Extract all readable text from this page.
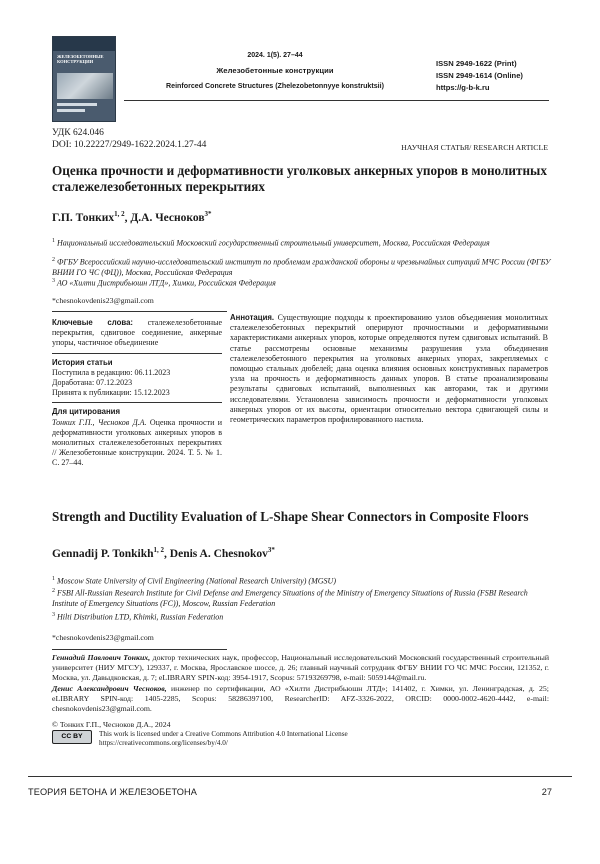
ЖЕЛЕЗОБЕТОННЫЕ КОНСТРУКЦИИ
2024. 1(5). 27–44
Железобетонные конструкции
Reinforced Concrete Structures (Zhelezobetonnyye konstruktsii)
ISSN 2949-1622 (Print)
ISSN 2949-1614 (Online)
https://g-b-k.ru
УДК 624.046
DOI: 10.22227/2949-1622.2024.1.27-44	НАУЧНАЯ СТАТЬЯ/ RESEARCH ARTICLE
Оценка прочности и деформативности уголковых анкерных упоров в монолитных сталежелезобетонных перекрытиях
Г.П. Тонких$^{1, 2}$, Д.А. Чесноков$^{3*}$
$^1$ Национальный исследовательский Московский государственный строительный университет, Москва, Российская Федерация
$^2$ ФГБУ Всероссийский научно-исследовательский институт по проблемам гражданской обороны и чрезвычайных ситуаций МЧС России (ФГБУ ВНИИ ГО ЧС (ФЦ)), Москва, Российская Федерация
$^3$ АО «Хилти Дистрибьюшн ЛТД», Химки, Российская Федерация
*chesnokovdenis23@gmail.com

Ключевые слова: сталежелезобетонные перекрытия, сдвиговое соединение, анкерные упоры, частичное объединение

История статьи
Поступила в редакцию: 06.11.2023
Доработана: 07.12.2023
Принята к публикации: 15.12.2023
Для цитирования

Тонких Г.П., Чесноков Д.А. Оценка прочности и деформативности уголковых анкерных упоров в монолитных сталежелезобетонных перекрытиях // Железобетонные конструкции. 2024. Т. 5. № 1. С. 27–44.

Аннотация. Существующие подходы к проектированию узлов объединения монолитных сталежелезобетонных перекрытий оперируют прочностными и деформативными характеристиками анкерных упоров, которые определяются путем сдвиговых испытаний. В статье рассмотрены основные механизмы разрушения узла объединения сталежелезобетонного перекрытия на уголковых анкерных упорах, закрепляемых с помощью стальных дюбелей; дана оценка влияния основных конструктивных параметров узла на прочность и деформативность данных упоров. В статье проанализированы результаты сдвиговых испытаний, выполненных как авторами, так и другими исследователями. Установлена зависимость прочности и деформативности уголковых анкерных упоров от их высоты, ориентации относительно вектора сдвигающей силы и геометрических параметров профилированного настила.
Strength and Ductility Evaluation of L-Shape Shear Connectors in Composite Floors
Gennadij P. Tonkikh$^{1, 2}$, Denis A. Chesnokov$^{3*}$
$^1$ Moscow State University of Civil Engineering (National Research University) (MGSU)
$^2$ FSBI All-Russian Research Institute for Civil Defense and Emergency Situations of the Ministry of Emergency Situations of Russia (FSBI Research Institute of Emergency Situations (FC)), Moscow, Russian Federation
$^3$ Hilti Distribution LTD, Khimki, Russian Federation
*chesnokovdenis23@gmail.com

Геннадий Павлович Тонких, доктор технических наук, профессор, Национальный исследовательский Московский государственный строительный университет (НИУ МГСУ), 129337, г. Москва, Ярославское шоссе, д. 26; главный научный сотрудник ФГБУ ВНИИ ГО ЧС МЧС России, 121352, г. Москва, ул. Давыдковская, д. 7; eLIBRARY SPIN-код: 3954-1917, Scopus: 57193269798, e-mail: 5059144@mail.ru.

Денис Александрович Чесноков, инженер по сертификации, АО «Хилти Дистрибьюшн ЛТД»; 141402, г. Химки, ул. Ленинградская, д. 25; eLIBRARY SPIN-код: 1405-2285, Scopus: 58286397100, ResearcherID: AFZ-3326-2022, ORCID: 0000-0002-4620-4442, e-mail: chesnokovdenis23@gmail.com.

© Тонких Г.П., Чесноков Д.А., 2024
CC BY	This work is licensed under a Creative Commons Attribution 4.0 International License
https://creativecommons.org/licenses/by/4.0/
ТЕОРИЯ БЕТОНА И ЖЕЛЕЗОБЕТОНА	27
